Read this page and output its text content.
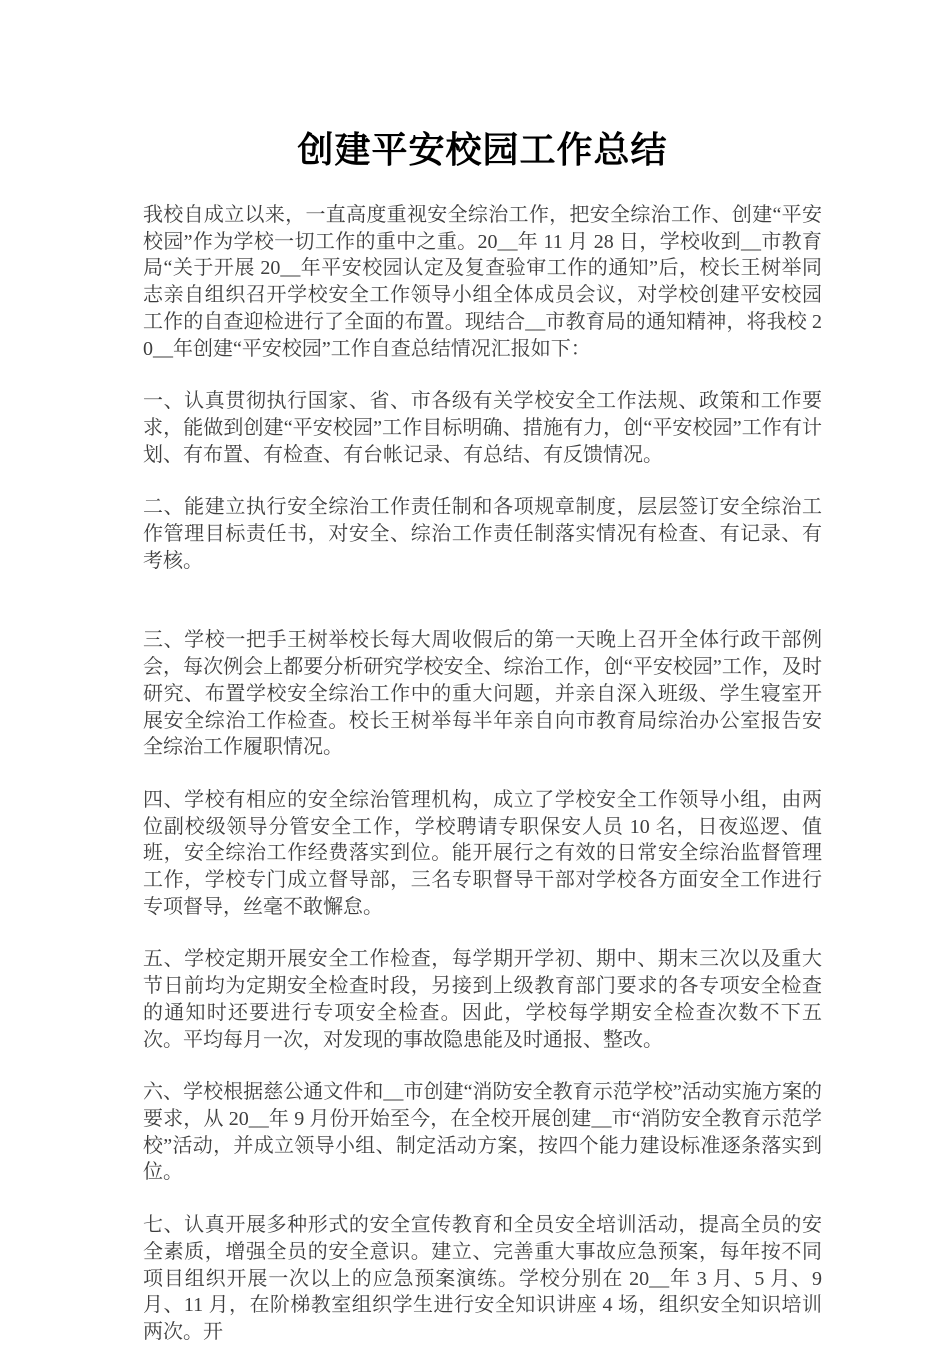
创建平安校园工作总结

我校自成立以来，一直高度重视安全综治工作，把安全综治工作、创建“平安校园”作为学校一切工作的重中之重。20__年 11 月 28 日，学校收到__市教育局“关于开展 20__年平安校园认定及复查验审工作的通知”后，校长王树举同志亲自组织召开学校安全工作领导小组全体成员会议，对学校创建平安校园工作的自查迎检进行了全面的布置。现结合__市教育局的通知精神，将我校 20__年创建“平安校园”工作自查总结情况汇报如下：

一、认真贯彻执行国家、省、市各级有关学校安全工作法规、政策和工作要求，能做到创建“平安校园”工作目标明确、措施有力，创“平安校园”工作有计划、有布置、有检查、有台帐记录、有总结、有反馈情况。

二、能建立执行安全综治工作责任制和各项规章制度，层层签订安全综治工作管理目标责任书，对安全、综治工作责任制落实情况有检查、有记录、有考核。

三、学校一把手王树举校长每大周收假后的第一天晚上召开全体行政干部例会，每次例会上都要分析研究学校安全、综治工作，创“平安校园”工作，及时研究、布置学校安全综治工作中的重大问题，并亲自深入班级、学生寝室开展安全综治工作检查。校长王树举每半年亲自向市教育局综治办公室报告安全综治工作履职情况。

四、学校有相应的安全综治管理机构，成立了学校安全工作领导小组，由两位副校级领导分管安全工作，学校聘请专职保安人员 10 名，日夜巡逻、值班，安全综治工作经费落实到位。能开展行之有效的日常安全综治监督管理工作，学校专门成立督导部，三名专职督导干部对学校各方面安全工作进行专项督导，丝毫不敢懈怠。

五、学校定期开展安全工作检查，每学期开学初、期中、期末三次以及重大节日前均为定期安全检查时段，另接到上级教育部门要求的各专项安全检查的通知时还要进行专项安全检查。因此，学校每学期安全检查次数不下五次。平均每月一次，对发现的事故隐患能及时通报、整改。

六、学校根据慈公通文件和__市创建“消防安全教育示范学校”活动实施方案的要求，从 20__年 9 月份开始至今，在全校开展创建__市“消防安全教育示范学校”活动，并成立领导小组、制定活动方案，按四个能力建设标准逐条落实到位。

七、认真开展多种形式的安全宣传教育和全员安全培训活动，提高全员的安全素质，增强全员的安全意识。建立、完善重大事故应急预案，每年按不同项目组织开展一次以上的应急预案演练。学校分别在 20__年 3 月、5 月、9 月、11 月，在阶梯教室组织学生进行安全知识讲座 4 场，组织安全知识培训两次。开
